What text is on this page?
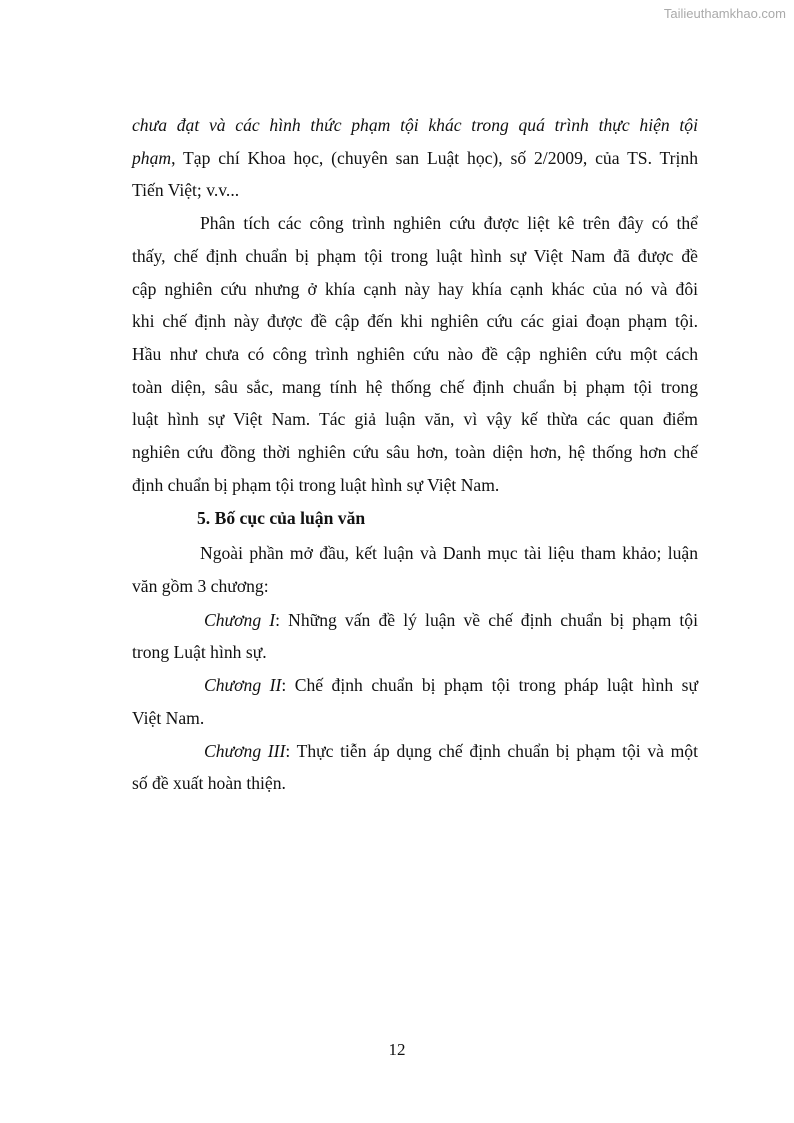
Tailieuthamkhao.com
chưa đạt và các hình thức phạm tội khác trong quá trình thực hiện tội
phạm, Tạp chí Khoa học, (chuyên san Luật học), số 2/2009, của TS. Trịnh
Tiến Việt; v.v...
Phân tích các công trình nghiên cứu được liệt kê trên đây có thể
thấy, chế định chuẩn bị phạm tội trong luật hình sự Việt Nam đã được đề
cập nghiên cứu nhưng ở khía cạnh này hay khía cạnh khác của nó và đôi
khi chế định này được đề cập đến khi nghiên cứu các giai đoạn phạm tội.
Hầu như chưa có công trình nghiên cứu nào đề cập nghiên cứu một cách
toàn diện, sâu sắc, mang tính hệ thống chế định chuẩn bị phạm tội trong
luật hình sự Việt Nam. Tác giả luận văn, vì vậy kế thừa các quan điểm
nghiên cứu đồng thời nghiên cứu sâu hơn, toàn diện hơn, hệ thống hơn chế
định chuẩn bị phạm tội trong luật hình sự Việt Nam.
5. Bố cục của luận văn
Ngoài phần mở đầu, kết luận và Danh mục tài liệu tham khảo; luận
văn gồm 3 chương:
Chương I: Những vấn đề lý luận về chế định chuẩn bị phạm tội
trong Luật hình sự.
Chương II: Chế định chuẩn bị phạm tội trong pháp luật hình sự
Việt Nam.
Chương III: Thực tiễn áp dụng chế định chuẩn bị phạm tội và một
số đề xuất hoàn thiện.
12
